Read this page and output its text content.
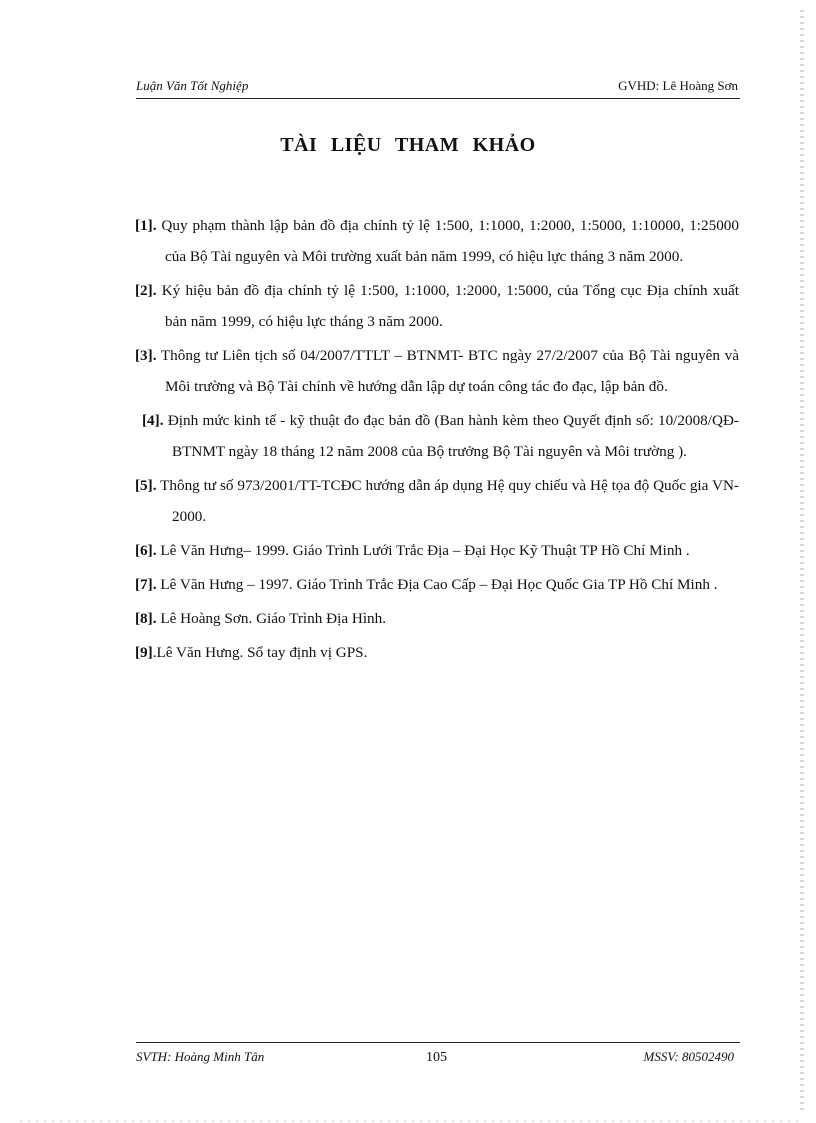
Luận Văn Tốt Nghiệp	GVHD: Lê Hoàng Sơn
TÀI LIỆU THAM KHẢO
[1]. Quy phạm thành lập bản đồ địa chính tỷ lệ 1:500, 1:1000, 1:2000, 1:5000, 1:10000, 1:25000 của Bộ Tài nguyên và Môi trường xuất bản năm 1999, có hiệu lực tháng 3 năm 2000.
[2]. Ký hiệu bản đồ địa chính tỷ lệ 1:500, 1:1000, 1:2000, 1:5000, của Tổng cục Địa chính xuất bản năm 1999, có hiệu lực tháng 3 năm 2000.
[3]. Thông tư Liên tịch số 04/2007/TTLT – BTNMT- BTC ngày 27/2/2007 của Bộ Tài nguyên và Môi trường và Bộ Tài chính về hướng dẫn lập dự toán công tác đo đạc, lập bản đồ.
[4]. Định mức kinh tế - kỹ thuật đo đạc bản đồ (Ban hành kèm theo Quyết định số: 10/2008/QĐ-BTNMT ngày 18 tháng 12 năm 2008 của Bộ trưởng Bộ Tài nguyên và Môi trường ).
[5]. Thông tư số 973/2001/TT-TCĐC hướng dẫn áp dụng Hệ quy chiếu và Hệ tọa độ Quốc gia VN-2000.
[6]. Lê Văn Hưng– 1999. Giáo Trình Lưới Trắc Địa – Đại Học Kỹ Thuật TP Hồ Chí Minh .
[7]. Lê Văn Hưng – 1997. Giáo Trình Trắc Địa Cao Cấp – Đại Học Quốc Gia TP Hồ Chí Minh .
[8]. Lê Hoàng Sơn. Giáo Trình Địa Hình.
[9].Lê Văn Hưng. Sổ tay định vị GPS.
SVTH: Hoàng Minh Tân	105	MSSV: 80502490
